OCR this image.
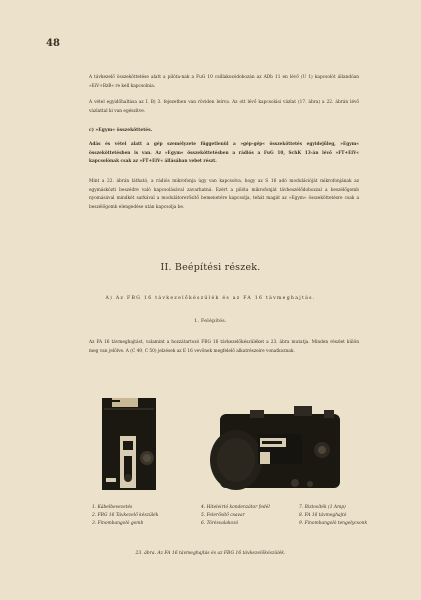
48

A távkezelő összeköttetése alatt a pilóta-nak a FuG 10 csillakozódobozán az ADb 11 en lévő (U 1) kapcsolót állandóan »EiV+BzB« re kell kapcsolnia.

A vétel egyidőhaltása az I. B) 3. fejezetben van röviden leírva. Az ott lévő kapcsolási vázlat (17. ábra) a 22. ábrán lévő vázlattal ki van egészítve.

c) »Egym« összeköttetés.

Adás és vétel alatt a gép személyzete függetlenül a »gép-gép« összeköttetés egyidejűleg, »Egym« összeköttetésben is van. Az »Egym« összeköttetésben a rádiós a FuG 10, SchK 13-án lévő »FT+EiV« kapcsolónak csak az »FT+EiV« állásában vebet részt.

Mint a 22. ábrán látható, a rádiós mikrofonja úgy van kapcsolva, hogy az S 16 adó modulációját mikrofonjának az egymásközti beszédre való kapcsolásával zavarhatná. Ezért a pilóta mikrofonját távbeszélődobozzal a beszélőgomb nyomásával mindkét sarkával a modulátorerősítő bemenetére kapcsolja, tehát magát az »Egym« összeköttetésre csak a beszélőgomb elengedése után kapcsolja be.

II. Beépítési részek.
A) Az FBG 16 távkezelőkészülék és az FA 16 távmeghajtás.
1. Felépítés.

Az FA 16 távmeghajtást, valamint a hozzátartozó FBG 16 távkezelőkészüléket a 23. ábra mutatja. Minden részlet külön meg van jelölve. A (C 49, C 50) jelzések az E 16 vevőnek megfelelő alkatrészeire vonatkoznak.

1. Kábelbevezetés
2. FBG 16 Távkezelő készülék
3. Finombangoló gomb
4. Hiteleirtó kondenzátor fedél
5. Felerősítő csavar
6. Törésvalakozó
7. Biztosíték (1 Amp)
8. FA 16 távmeghajtó
9. Finombangoló tengelycsonk
23. ábra. Az FA 16 távmeghajtás és az FBG 16 távkezelőkészülék.
